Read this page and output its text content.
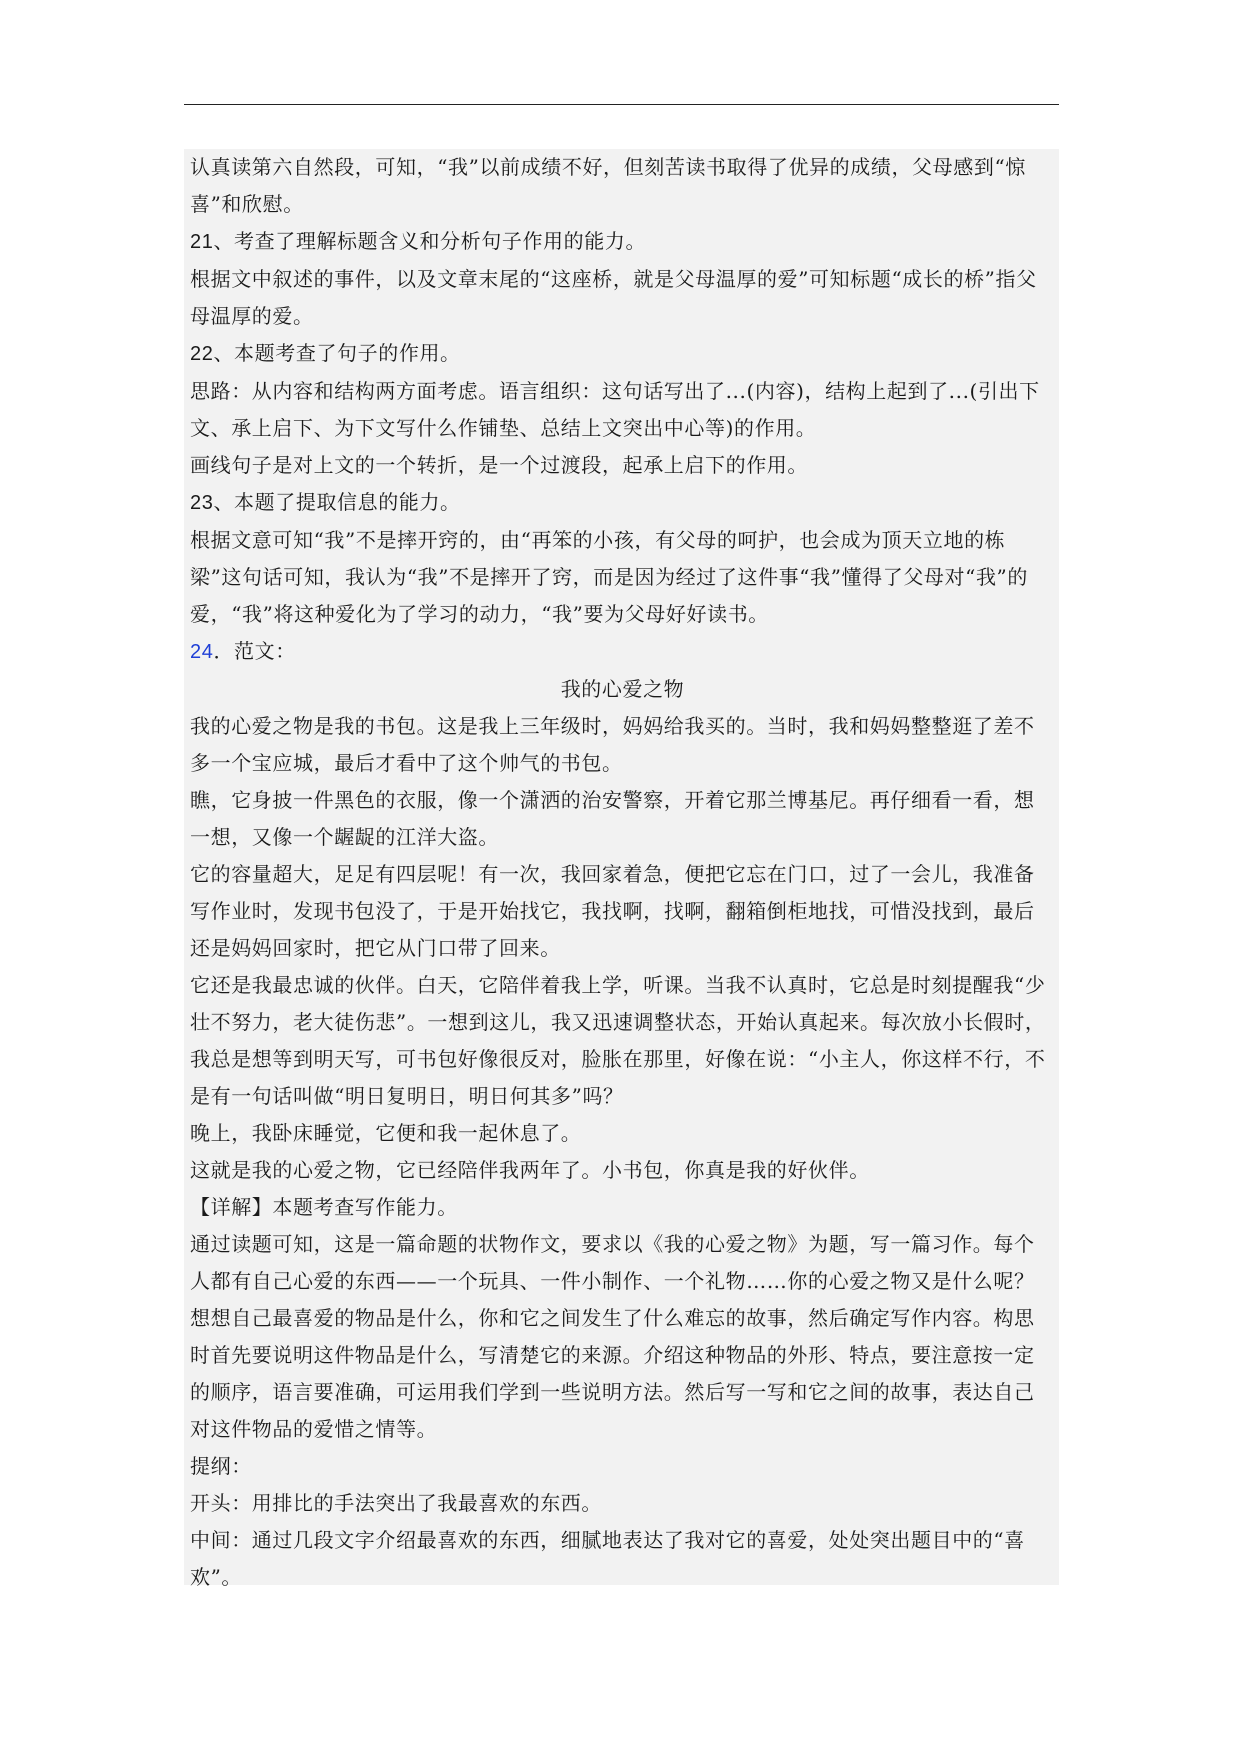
认真读第六自然段，可知，“我”以前成绩不好，但刻苦读书取得了优异的成绩，父母感到“惊喜”和欣慰。

21、考查了理解标题含义和分析句子作用的能力。

根据文中叙述的事件，以及文章末尾的“这座桥，就是父母温厚的爱”可知标题“成长的桥”指父母温厚的爱。

22、本题考查了句子的作用。

思路：从内容和结构两方面考虑。语言组织：这句话写出了...(内容)，结构上起到了...(引出下文、承上启下、为下文写什么作铺垫、总结上文突出中心等)的作用。

画线句子是对上文的一个转折，是一个过渡段，起承上启下的作用。

23、本题了提取信息的能力。

根据文意可知“我”不是摔开窍的，由“再笨的小孩，有父母的呵护，也会成为顶天立地的栋梁”这句话可知，我认为“我”不是摔开了窍，而是因为经过了这件事“我”懂得了父母对“我”的爱，“我”将这种爱化为了学习的动力，“我”要为父母好好读书。

24．范文：

我的心爱之物

我的心爱之物是我的书包。这是我上三年级时，妈妈给我买的。当时，我和妈妈整整逛了差不多一个宝应城，最后才看中了这个帅气的书包。

瞧，它身披一件黑色的衣服，像一个潇洒的治安警察，开着它那兰博基尼。再仔细看一看，想一想，又像一个龌龊的江洋大盗。

它的容量超大，足足有四层呢！有一次，我回家着急，便把它忘在门口，过了一会儿，我准备写作业时，发现书包没了，于是开始找它，我找啊，找啊，翻箱倒柜地找，可惜没找到，最后还是妈妈回家时，把它从门口带了回来。

它还是我最忠诚的伙伴。白天，它陪伴着我上学，听课。当我不认真时，它总是时刻提醒我“少壮不努力，老大徒伤悲”。一想到这儿，我又迅速调整状态，开始认真起来。每次放小长假时，我总是想等到明天写，可书包好像很反对，脸胀在那里，好像在说：“小主人，你这样不行，不是有一句话叫做“明日复明日，明日何其多”吗？

晚上，我卧床睡觉，它便和我一起休息了。

这就是我的心爱之物，它已经陪伴我两年了。小书包，你真是我的好伙伴。

【详解】本题考查写作能力。

通过读题可知，这是一篇命题的状物作文，要求以《我的心爱之物》为题，写一篇习作。每个人都有自己心爱的东西——一个玩具、一件小制作、一个礼物……你的心爱之物又是什么呢？想想自己最喜爱的物品是什么，你和它之间发生了什么难忘的故事，然后确定写作内容。构思时首先要说明这件物品是什么，写清楚它的来源。介绍这种物品的外形、特点，要注意按一定的顺序，语言要准确，可运用我们学到一些说明方法。然后写一写和它之间的故事，表达自己对这件物品的爱惜之情等。

提纲：

开头：用排比的手法突出了我最喜欢的东西。

中间：通过几段文字介绍最喜欢的东西，细腻地表达了我对它的喜爱，处处突出题目中的“喜欢”。
